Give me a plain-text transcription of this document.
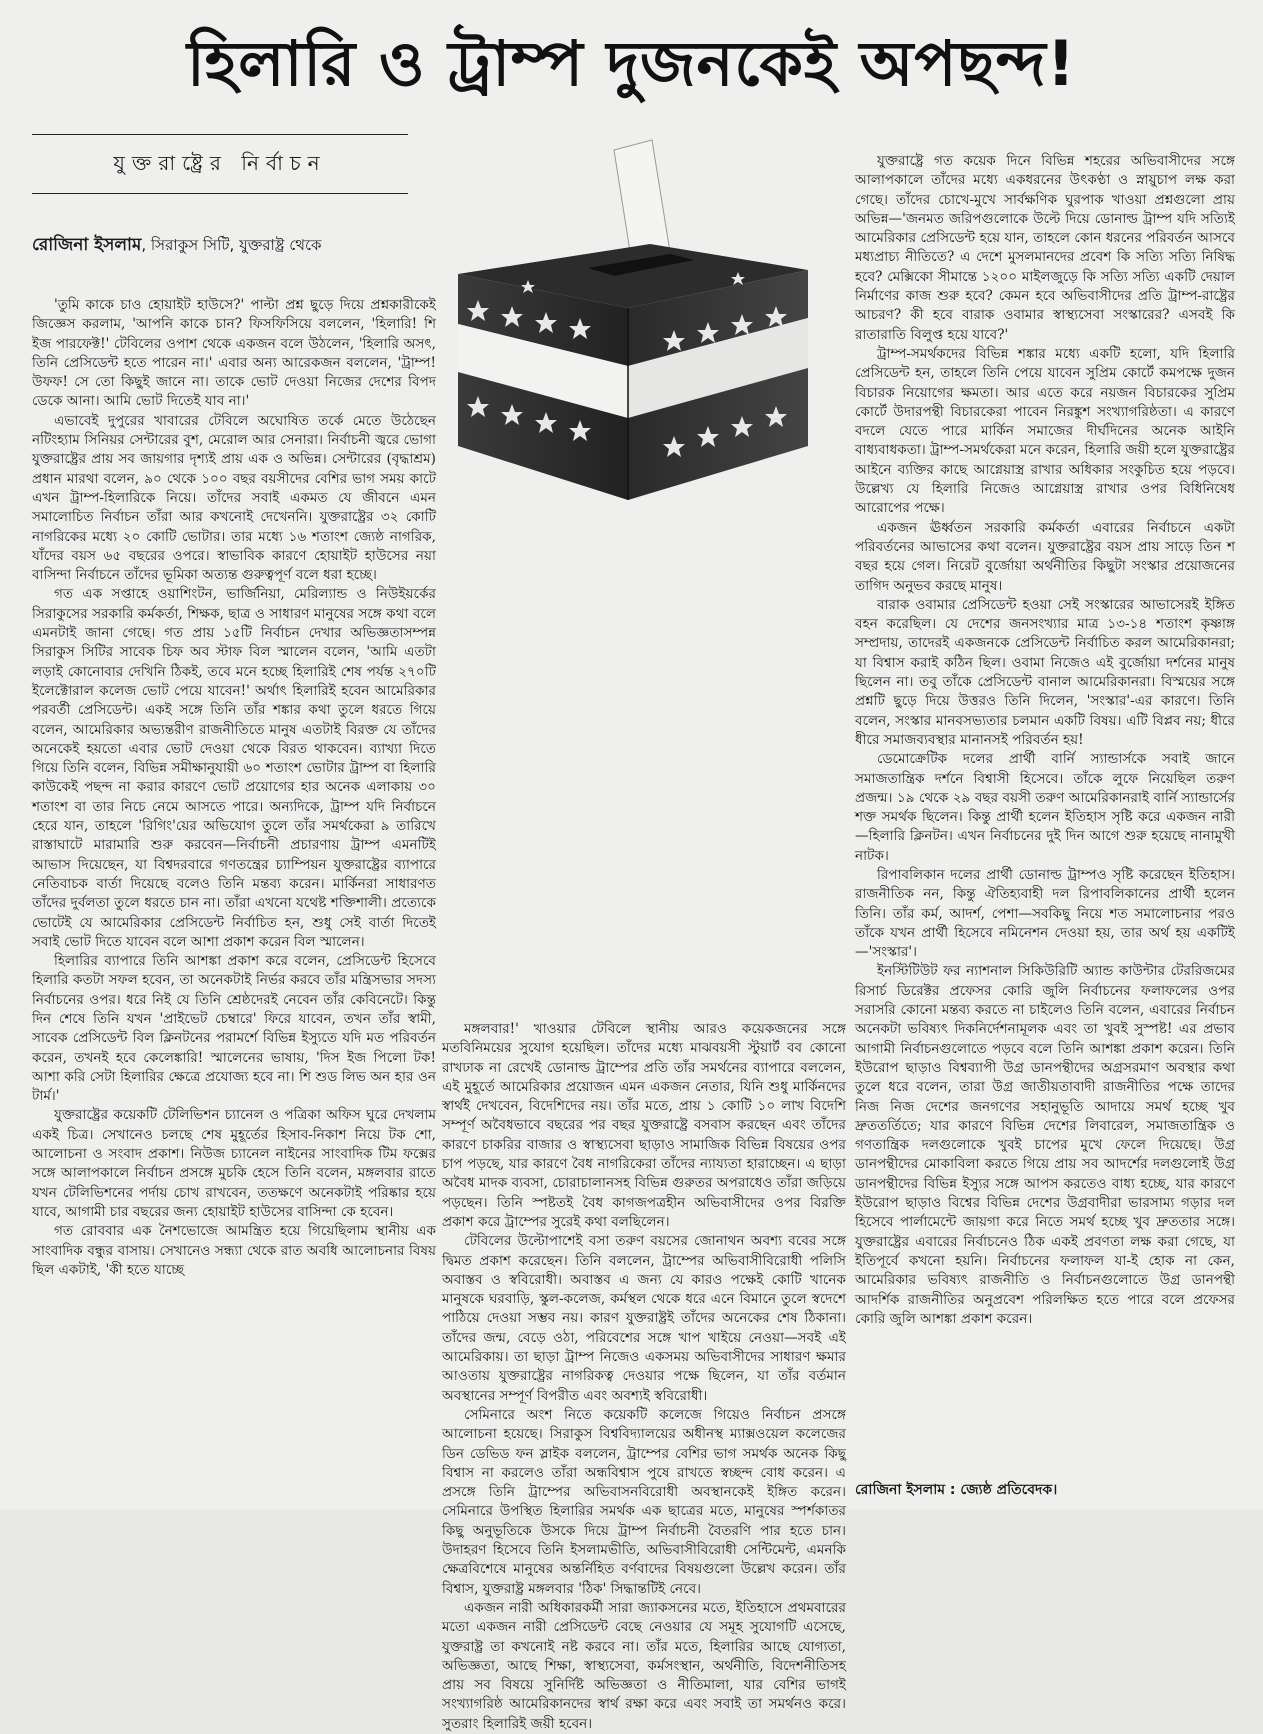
হিলারি ও ট্রাম্প দুজনকেই অপছন্দ!
যুক্তরাষ্ট্রের নির্বাচন
রোজিনা ইসলাম, সিরাকুস সিটি, যুক্তরাষ্ট্র থেকে

'তুমি কাকে চাও হোয়াইট হাউসে?' পাল্টা প্রশ্ন ছুড়ে দিয়ে প্রশ্নকারীকেই জিজ্ঞেস করলাম, 'আপনি কাকে চান? ফিসফিসিয়ে বললেন, 'হিলারি! শি ইজ পারফেক্ট!' টেবিলের ওপাশ থেকে একজন বলে উঠলেন, 'হিলারি অসৎ, তিনি প্রেসিডেন্ট হতে পারেন না।' এবার অন্য আরেকজন বললেন, 'ট্রাম্প! উফফ! সে তো কিছুই জানে না। তাকে ভোট দেওয়া নিজের দেশের বিপদ ডেকে আনা। আমি ভোট দিতেই যাব না।'

এভাবেই দুপুরের খাবারের টেবিলে অঘোষিত তর্কে মেতে উঠেছেন নটিংহ্যাম সিনিয়র সেন্টারের বুশ, মেরোল আর সেনারা। নির্বাচনী জ্বরে ভোগা যুক্তরাষ্ট্রের প্রায় সব জায়গার দৃশ্যই প্রায় এক ও অভিন্ন। সেন্টারের (বৃদ্ধাশ্রম) প্রধান মারথা বলেন, ৯০ থেকে ১০০ বছর বয়সীদের বেশির ভাগ সময় কাটে এখন ট্রাম্প-হিলারিকে নিয়ে। তাঁদের সবাই একমত যে জীবনে এমন সমালোচিত নির্বাচন তাঁরা আর কখনোই দেখেননি। যুক্তরাষ্ট্রের ৩২ কোটি নাগরিকের মধ্যে ২০ কোটি ভোটার। তার মধ্যে ১৬ শতাংশ জ্যেষ্ঠ নাগরিক, যাঁদের বয়স ৬৫ বছরের ওপরে। স্বাভাবিক কারণে হোয়াইট হাউসের নয়া বাসিন্দা নির্বাচনে তাঁদের ভূমিকা অত্যন্ত গুরুত্বপূর্ণ বলে ধরা হচ্ছে।

গত এক সপ্তাহে ওয়াশিংটন, ভার্জিনিয়া, মেরিল্যান্ড ও নিউইয়র্কের সিরাকুসের সরকারি কর্মকর্তা, শিক্ষক, ছাত্র ও সাধারণ মানুষের সঙ্গে কথা বলে এমনটাই জানা গেছে। গত প্রায় ১৫টি নির্বাচন দেখার অভিজ্ঞতাসম্পন্ন সিরাকুস সিটির সাবেক চিফ অব স্টাফ বিল স্মালেন বলেন, 'আমি এতটা লড়াই কোনোবার দেখিনি ঠিকই, তবে মনে হচ্ছে হিলারিই শেষ পর্যন্ত ২৭০টি ইলেক্টোরাল কলেজ ভোট পেয়ে যাবেন!' অর্থাৎ হিলারিই হবেন আমেরিকার পরবর্তী প্রেসিডেন্ট। একই সঙ্গে তিনি তাঁর শঙ্কার কথা তুলে ধরতে গিয়ে বলেন, আমেরিকার অভ্যন্তরীণ রাজনীতিতে মানুষ এতটাই বিরক্ত যে তাঁদের অনেকেই হয়তো এবার ভোট দেওয়া থেকে বিরত থাকবেন। ব্যাখ্যা দিতে গিয়ে তিনি বলেন, বিভিন্ন সমীক্ষানুযায়ী ৬০ শতাংশ ভোটার ট্রাম্প বা হিলারি কাউকেই পছন্দ না করার কারণে ভোট প্রয়োগের হার অনেক এলাকায় ৩০ শতাংশ বা তার নিচে নেমে আসতে পারে। অন্যদিকে, ট্রাম্প যদি নির্বাচনে হেরে যান, তাহলে 'রিগিং'য়ের অভিযোগ তুলে তাঁর সমর্থকেরা ৯ তারিখে রাস্তাঘাটে মারামারি শুরু করবেন—নির্বাচনী প্রচারণায় ট্রাম্প এমনটিই আভাস দিয়েছেন, যা বিশ্বদরবারে গণতন্ত্রের চ্যাম্পিয়ন যুক্তরাষ্ট্রের ব্যাপারে নেতিবাচক বার্তা দিয়েছে বলেও তিনি মন্তব্য করেন। মার্কিনরা সাধারণত তাঁদের দুর্বলতা তুলে ধরতে চান না। তাঁরা এখনো যথেষ্ট শক্তিশালী। প্রত্যেকে ভোটেই যে আমেরিকার প্রেসিডেন্ট নির্বাচিত হন, শুধু সেই বার্তা দিতেই সবাই ভোট দিতে যাবেন বলে আশা প্রকাশ করেন বিল স্মালেন।

হিলারির ব্যাপারে তিনি আশঙ্কা প্রকাশ করে বলেন, প্রেসিডেন্ট হিসেবে হিলারি কতটা সফল হবেন, তা অনেকটাই নির্ভর করবে তাঁর মন্ত্রিসভার সদস্য নির্বাচনের ওপর। ধরে নিই যে তিনি শ্রেষ্ঠদেরই নেবেন তাঁর কেবিনেটে। কিন্তু দিন শেষে তিনি যখন 'প্রাইভেট চেম্বারে' ফিরে যাবেন, তখন তাঁর স্বামী, সাবেক প্রেসিডেন্ট বিল ক্লিনটনের পরামর্শে বিভিন্ন ইস্যুতে যদি মত পরিবর্তন করেন, তখনই হবে কেলেঙ্কারি! স্মালেনের ভাষায়, 'দিস ইজ পিলো টক! আশা করি সেটা হিলারির ক্ষেত্রে প্রযোজ্য হবে না। শি শুড লিভ অন হার ওন টার্ম।'

যুক্তরাষ্ট্রের কয়েকটি টেলিভিশন চ্যানেল ও পত্রিকা অফিস ঘুরে দেখলাম একই চিত্র। সেখানেও চলছে শেষ মুহূর্তের হিসাব-নিকাশ নিয়ে টক শো, আলোচনা ও সংবাদ প্রকাশ। নিউজ চ্যানেল নাইনের সাংবাদিক টিম ফক্সের সঙ্গে আলাপকালে নির্বাচন প্রসঙ্গে মুচকি হেসে তিনি বলেন, মঙ্গলবার রাতে যখন টেলিভিশনের পর্দায় চোখ রাখবেন, ততক্ষণে অনেকটাই পরিষ্কার হয়ে যাবে, আগামী চার বছরের জন্য হোয়াইট হাউসের বাসিন্দা কে হবেন।

গত রোববার এক নৈশভোজে আমন্ত্রিত হয়ে গিয়েছিলাম স্থানীয় এক সাংবাদিক বন্ধুর বাসায়। সেখানেও সন্ধ্যা থেকে রাত অবধি আলোচনার বিষয় ছিল একটাই, 'কী হতে যাচ্ছে

মঙ্গলবার!' খাওয়ার টেবিলে স্থানীয় আরও কয়েকজনের সঙ্গে মতবিনিময়ের সুযোগ হয়েছিল। তাঁদের মধ্যে মাঝবয়সী স্টুয়ার্ট বব কোনো রাখঢাক না রেখেই ডোনাল্ড ট্রাম্পের প্রতি তাঁর সমর্থনের ব্যাপারে বললেন, এই মুহূর্তে আমেরিকার প্রয়োজন এমন একজন নেতার, যিনি শুধু মার্কিনদের স্বার্থই দেখবেন, বিদেশিদের নয়। তাঁর মতে, প্রায় ১ কোটি ১০ লাখ বিদেশি সম্পূর্ণ অবৈধভাবে বছরের পর বছর যুক্তরাষ্ট্রে বসবাস করছেন এবং তাঁদের কারণে চাকরির বাজার ও স্বাস্থ্যসেবা ছাড়াও সামাজিক বিভিন্ন বিষয়ের ওপর চাপ পড়ছে, যার কারণে বৈধ নাগরিকেরা তাঁদের ন্যায্যতা হারাচ্ছেন। এ ছাড়া অবৈধ মাদক ব্যবসা, চোরাচালানসহ বিভিন্ন গুরুতর অপরাধেও তাঁরা জড়িয়ে পড়ছেন। তিনি স্পষ্টতই বৈধ কাগজপত্রহীন অভিবাসীদের ওপর বিরক্তি প্রকাশ করে ট্রাম্পের সুরেই কথা বলছিলেন।

টেবিলের উল্টোপাশেই বসা তরুণ বয়সের জোনাথন অবশ্য ববের সঙ্গে দ্বিমত প্রকাশ করেছেন। তিনি বললেন, ট্রাম্পের অভিবাসীবিরোধী পলিসি অবাস্তব ও স্ববিরোধী। অবাস্তব এ জন্য যে কারও পক্ষেই কোটি খানেক মানুষকে ঘরবাড়ি, স্কুল-কলেজ, কর্মস্থল থেকে ধরে এনে বিমানে তুলে স্বদেশে পাঠিয়ে দেওয়া সম্ভব নয়। কারণ যুক্তরাষ্ট্রই তাঁদের অনেকের শেষ ঠিকানা। তাঁদের জন্ম, বেড়ে ওঠা, পরিবেশের সঙ্গে খাপ খাইয়ে নেওয়া—সবই এই আমেরিকায়। তা ছাড়া ট্রাম্প নিজেও একসময় অভিবাসীদের সাধারণ ক্ষমার আওতায় যুক্তরাষ্ট্রের নাগরিকত্ব দেওয়ার পক্ষে ছিলেন, যা তাঁর বর্তমান অবস্থানের সম্পূর্ণ বিপরীত এবং অবশ্যই স্ববিরোধী।

সেমিনারে অংশ নিতে কয়েকটি কলেজে গিয়েও নির্বাচন প্রসঙ্গে আলোচনা হয়েছে। সিরাকুস বিশ্ববিদ্যালয়ের অধীনস্থ ম্যাক্সওয়েল কলেজের ডিন ডেভিড ফন স্লাইক বললেন, ট্রাম্পের বেশির ভাগ সমর্থক অনেক কিছু বিশ্বাস না করলেও তাঁরা অন্ধবিশ্বাস পুষে রাখতে স্বচ্ছন্দ বোধ করেন। এ প্রসঙ্গে তিনি ট্রাম্পের অভিবাসনবিরোধী অবস্থানকেই ইঙ্গিত করেন। সেমিনারে উপস্থিত হিলারির সমর্থক এক ছাত্রের মতে, মানুষের স্পর্শকাতর কিছু অনুভূতিকে উসকে দিয়ে ট্রাম্প নির্বাচনী বৈতরণি পার হতে চান। উদাহরণ হিসেবে তিনি ইসলামভীতি, অভিবাসীবিরোধী সেন্টিমেন্ট, এমনকি ক্ষেত্রবিশেষে মানুষের অন্তর্নিহিত বর্ণবাদের বিষয়গুলো উল্লেখ করেন। তাঁর বিশ্বাস, যুক্তরাষ্ট্র মঙ্গলবার 'ঠিক' সিদ্ধান্তটিই নেবে।

একজন নারী অধিকারকর্মী সারা জ্যাকসনের মতে, ইতিহাসে প্রথমবারের মতো একজন নারী প্রেসিডেন্ট বেছে নেওয়ার যে সমূহ সুযোগটি এসেছে, যুক্তরাষ্ট্র তা কখনোই নষ্ট করবে না। তাঁর মতে, হিলারির আছে যোগ্যতা, অভিজ্ঞতা, আছে শিক্ষা, স্বাস্থ্যসেবা, কর্মসংস্থান, অর্থনীতি, বিদেশনীতিসহ প্রায় সব বিষয়ে সুনির্দিষ্ট অভিজ্ঞতা ও নীতিমালা, যার বেশির ভাগই সংখ্যাগরিষ্ঠ আমেরিকানদের স্বার্থ রক্ষা করে এবং সবাই তা সমর্থনও করে। সুতরাং হিলারিই জয়ী হবেন।

যুক্তরাষ্ট্রে গত কয়েক দিনে বিভিন্ন শহরের অভিবাসীদের সঙ্গে আলাপকালে তাঁদের মধ্যে একধরনের উৎকণ্ঠা ও স্নায়ুচাপ লক্ষ করা গেছে। তাঁদের চোখে-মুখে সার্বক্ষণিক ঘুরপাক খাওয়া প্রশ্নগুলো প্রায় অভিন্ন—'জনমত জরিপগুলোকে উল্টে দিয়ে ডোনাল্ড ট্রাম্প যদি সত্যিই আমেরিকার প্রেসিডেন্ট হয়ে যান, তাহলে কোন ধরনের পরিবর্তন আসবে মধ্যপ্রাচ্য নীতিতে? এ দেশে মুসলমানদের প্রবেশ কি সত্যি সত্যি নিষিদ্ধ হবে? মেক্সিকো সীমান্তে ১২০০ মাইলজুড়ে কি সত্যি সত্যি একটি দেয়াল নির্মাণের কাজ শুরু হবে? কেমন হবে অভিবাসীদের প্রতি ট্রাম্প-রাষ্ট্রের আচরণ? কী হবে বারাক ওবামার স্বাস্থ্যসেবা সংস্কারের? এসবই কি রাতারাতি বিলুপ্ত হয়ে যাবে?'

ট্রাম্প-সমর্থকদের বিভিন্ন শঙ্কার মধ্যে একটি হলো, যদি হিলারি প্রেসিডেন্ট হন, তাহলে তিনি পেয়ে যাবেন সুপ্রিম কোর্টে কমপক্ষে দুজন বিচারক নিয়োগের ক্ষমতা। আর এতে করে নয়জন বিচারকের সুপ্রিম কোর্টে উদারপন্থী বিচারকেরা পাবেন নিরঙ্কুশ সংখ্যাগরিষ্ঠতা। এ কারণে বদলে যেতে পারে মার্কিন সমাজের দীর্ঘদিনের অনেক আইনি বাধ্যবাধকতা। ট্রাম্প-সমর্থকেরা মনে করেন, হিলারি জয়ী হলে যুক্তরাষ্ট্রের আইনে ব্যক্তির কাছে আগ্নেয়াস্ত্র রাখার অধিকার সংকুচিত হয়ে পড়বে। উল্লেখ্য যে হিলারি নিজেও আগ্নেয়াস্ত্র রাখার ওপর বিধিনিষেধ আরোপের পক্ষে।

একজন ঊর্ধ্বতন সরকারি কর্মকর্তা এবারের নির্বাচনে একটা পরিবর্তনের আভাসের কথা বলেন। যুক্তরাষ্ট্রের বয়স প্রায় সাড়ে তিন শ বছর হয়ে গেল। নিরেট বুর্জোয়া অর্থনীতির কিছুটা সংস্কার প্রয়োজনের তাগিদ অনুভব করছে মানুষ।

বারাক ওবামার প্রেসিডেন্ট হওয়া সেই সংস্কারের আভাসেরই ইঙ্গিত বহন করেছিল। যে দেশের জনসংখ্যার মাত্র ১৩-১৪ শতাংশ কৃষ্ণাঙ্গ সম্প্রদায়, তাদেরই একজনকে প্রেসিডেন্ট নির্বাচিত করল আমেরিকানরা; যা বিশ্বাস করাই কঠিন ছিল। ওবামা নিজেও এই বুর্জোয়া দর্শনের মানুষ ছিলেন না। তবু তাঁকে প্রেসিডেন্ট বানাল আমেরিকানরা। বিস্ময়ের সঙ্গে প্রশ্নটি ছুড়ে দিয়ে উত্তরও তিনি দিলেন, 'সংস্কার'-এর কারণে। তিনি বলেন, সংস্কার মানবসভ্যতার চলমান একটি বিষয়। এটি বিপ্লব নয়; ধীরে ধীরে সমাজব্যবস্থার মানানসই পরিবর্তন হয়!

ডেমোক্রেটিক দলের প্রার্থী বার্নি স্যান্ডার্সকে সবাই জানে সমাজতান্ত্রিক দর্শনে বিশ্বাসী হিসেবে। তাঁকে লুফে নিয়েছিল তরুণ প্রজন্ম। ১৯ থেকে ২৯ বছর বয়সী তরুণ আমেরিকানরাই বার্নি স্যান্ডার্সের শক্ত সমর্থক ছিলেন। কিন্তু প্রার্থী হলেন ইতিহাস সৃষ্টি করে একজন নারী—হিলারি ক্লিনটন। এখন নির্বাচনের দুই দিন আগে শুরু হয়েছে নানামুখী নাটক।

রিপাবলিকান দলের প্রার্থী ডোনাল্ড ট্রাম্পও সৃষ্টি করেছেন ইতিহাস। রাজনীতিক নন, কিন্তু ঐতিহ্যবাহী দল রিপাবলিকানের প্রার্থী হলেন তিনি। তাঁর কর্ম, আদর্শ, পেশা—সবকিছু নিয়ে শত সমালোচনার পরও তাঁকে যখন প্রার্থী হিসেবে নমিনেশন দেওয়া হয়, তার অর্থ হয় একটিই—'সংস্কার'।

ইনস্টিটিউট ফর ন্যাশনাল সিকিউরিটি অ্যান্ড কাউন্টার টেররিজমের রিসার্চ ডিরেক্টর প্রফেসর কোরি জুলি নির্বাচনের ফলাফলের ওপর সরাসরি কোনো মন্তব্য করতে না চাইলেও তিনি বলেন, এবারের নির্বাচন অনেকটা ভবিষ্যৎ দিকনির্দেশনামূলক এবং তা খুবই সুস্পষ্ট! এর প্রভাব আগামী নির্বাচনগুলোতে পড়বে বলে তিনি আশঙ্কা প্রকাশ করেন। তিনি ইউরোপ ছাড়াও বিশ্বব্যাপী উগ্র ডানপন্থীদের অগ্রসরমাণ অবস্থার কথা তুলে ধরে বলেন, তারা উগ্র জাতীয়তাবাদী রাজনীতির পক্ষে তাদের নিজ নিজ দেশের জনগণের সহানুভূতি আদায়ে সমর্থ হচ্ছে খুব দ্রুততর্তিতে; যার কারণে বিভিন্ন দেশের লিবারেল, সমাজতান্ত্রিক ও গণতান্ত্রিক দলগুলোকে খুবই চাপের মুখে ফেলে দিয়েছে। উগ্র ডানপন্থীদের মোকাবিলা করতে গিয়ে প্রায় সব আদর্শের দলগুলোই উগ্র ডানপন্থীদের বিভিন্ন ইস্যুর সঙ্গে আপস করতেও বাধ্য হচ্ছে, যার কারণে ইউরোপ ছাড়াও বিশ্বের বিভিন্ন দেশের উগ্রবাদীরা ভারসাম্য গড়ার দল হিসেবে পার্লামেন্টে জায়গা করে নিতে সমর্থ হচ্ছে খুব দ্রুততার সঙ্গে। যুক্তরাষ্ট্রের এবারের নির্বাচনেও ঠিক একই প্রবণতা লক্ষ করা গেছে, যা ইতিপূর্বে কখনো হয়নি। নির্বাচনের ফলাফল যা-ই হোক না কেন, আমেরিকার ভবিষ্যৎ রাজনীতি ও নির্বাচনগুলোতে উগ্র ডানপন্থী আদর্শিক রাজনীতির অনুপ্রবেশ পরিলক্ষিত হতে পারে বলে প্রফেসর কোরি জুলি আশঙ্কা প্রকাশ করেন।

রোজিনা ইসলাম : জ্যেষ্ঠ প্রতিবেদক।
